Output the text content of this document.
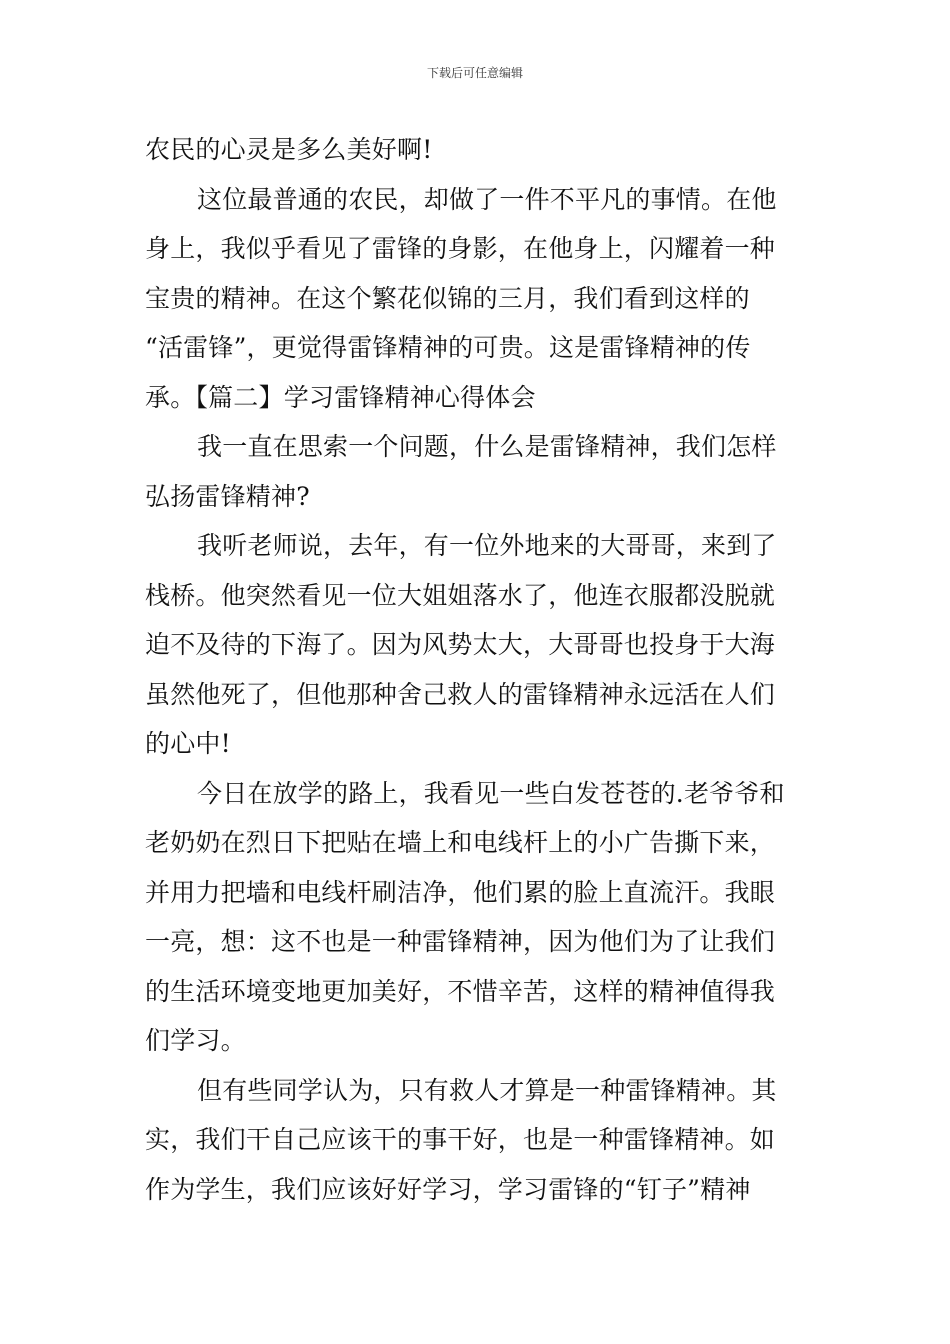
下载后可任意编辑
农民的心灵是多么美好啊!
这位最普通的农民，却做了一件不平凡的事情。在他
身上，我似乎看见了雷锋的身影，在他身上，闪耀着一种
宝贵的精神。在这个繁花似锦的三月，我们看到这样的
“活雷锋”，更觉得雷锋精神的可贵。这是雷锋精神的传
承。【篇二】学习雷锋精神心得体会
我一直在思索一个问题，什么是雷锋精神，我们怎样
弘扬雷锋精神?
我听老师说，去年，有一位外地来的大哥哥，来到了
栈桥。他突然看见一位大姐姐落水了，他连衣服都没脱就
迫不及待的下海了。因为风势太大，大哥哥也投身于大海
虽然他死了，但他那种舍己救人的雷锋精神永远活在人们
的心中!
今日在放学的路上，我看见一些白发苍苍的.老爷爷和
老奶奶在烈日下把贴在墙上和电线杆上的小广告撕下来，
并用力把墙和电线杆刷洁净，他们累的脸上直流汗。我眼
一亮，想：这不也是一种雷锋精神，因为他们为了让我们
的生活环境变地更加美好，不惜辛苦，这样的精神值得我
们学习。
但有些同学认为，只有救人才算是一种雷锋精神。其
实，我们干自己应该干的事干好，也是一种雷锋精神。如
作为学生，我们应该好好学习，学习雷锋的“钉子”精神
